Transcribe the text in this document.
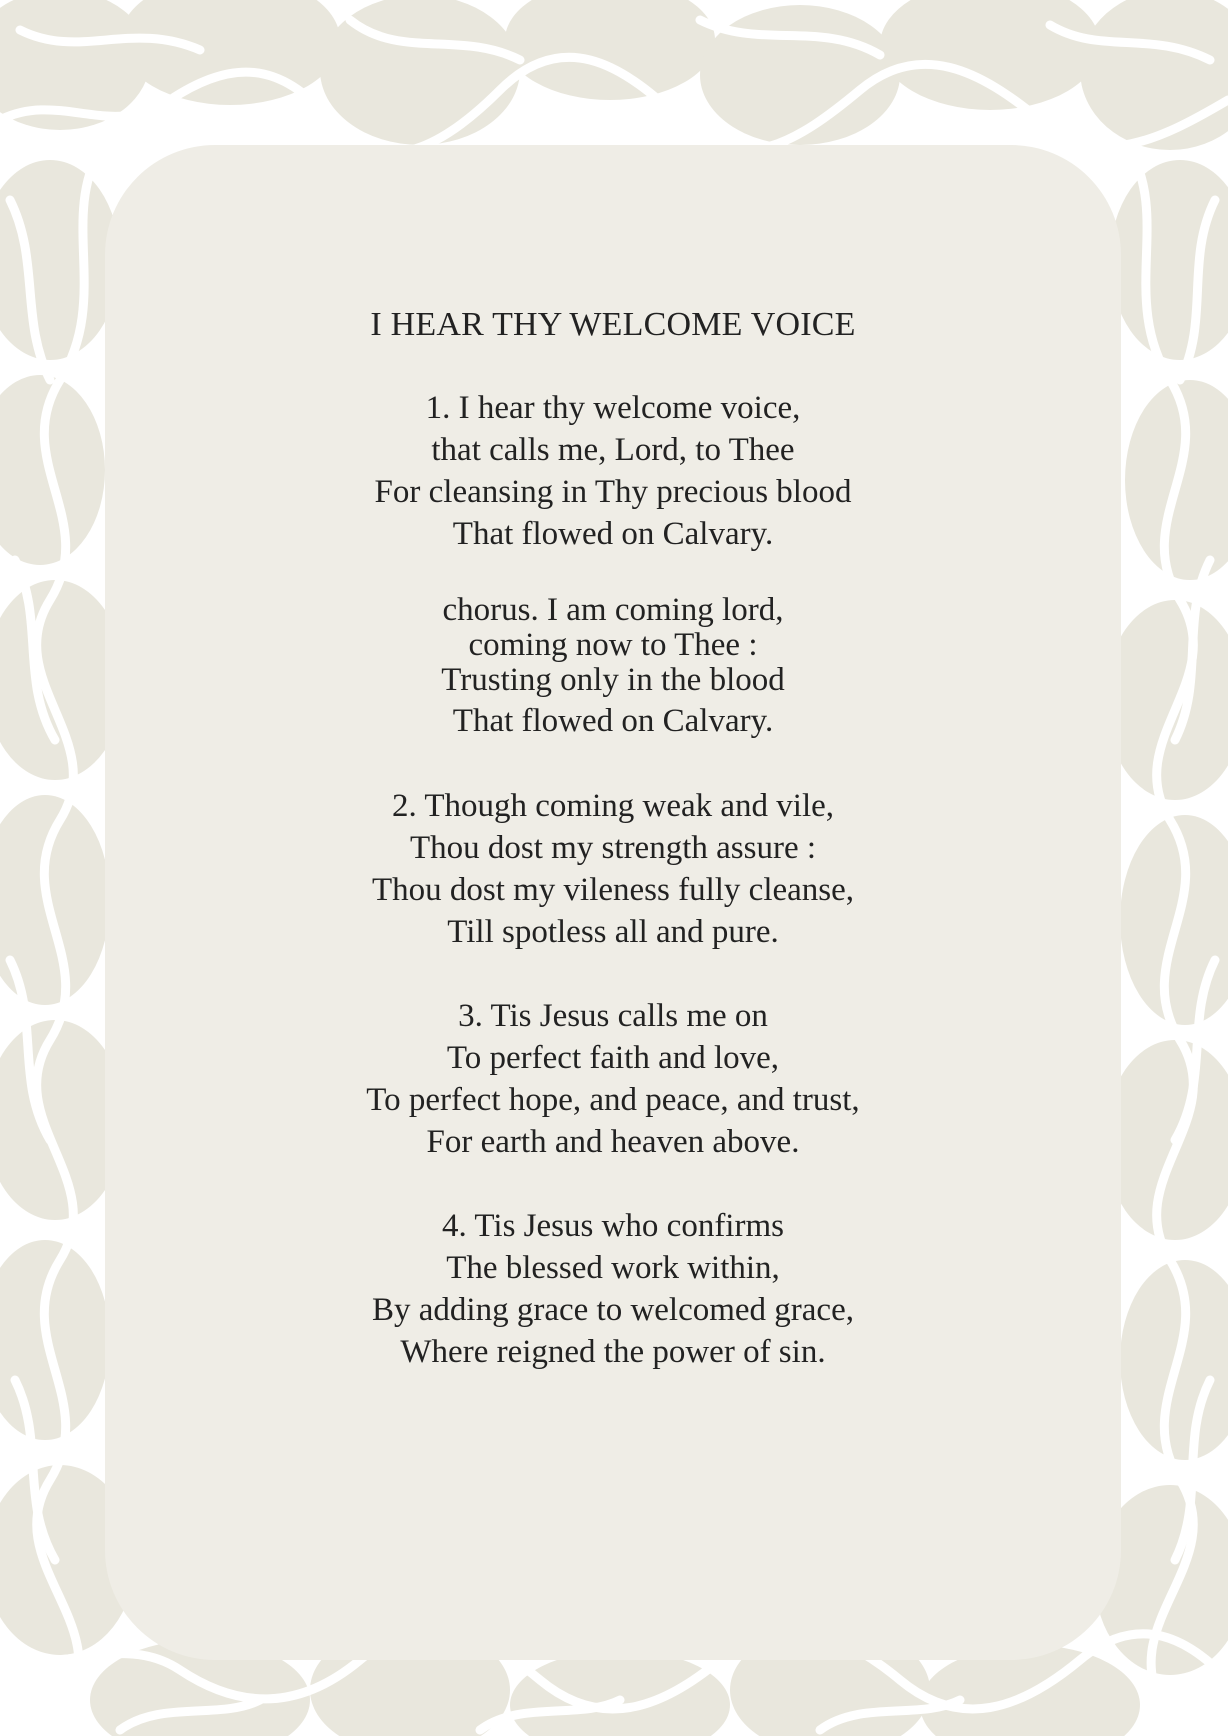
I HEAR THY WELCOME VOICE

1. I hear thy welcome voice,
that calls me, Lord, to Thee
For cleansing in Thy precious blood
That flowed on Calvary.

chorus. I am coming lord,
coming now to Thee :
Trusting only in the blood
That flowed on Calvary.

2. Though coming weak and vile,
Thou dost my strength assure :
Thou dost my vileness fully cleanse,
Till spotless all and pure.

3. Tis Jesus calls me on
To perfect faith and love,
To perfect hope, and peace, and trust,
For earth and heaven above.

4. Tis Jesus who confirms
The blessed work within,
By adding grace to welcomed grace,
Where reigned the power of sin.
